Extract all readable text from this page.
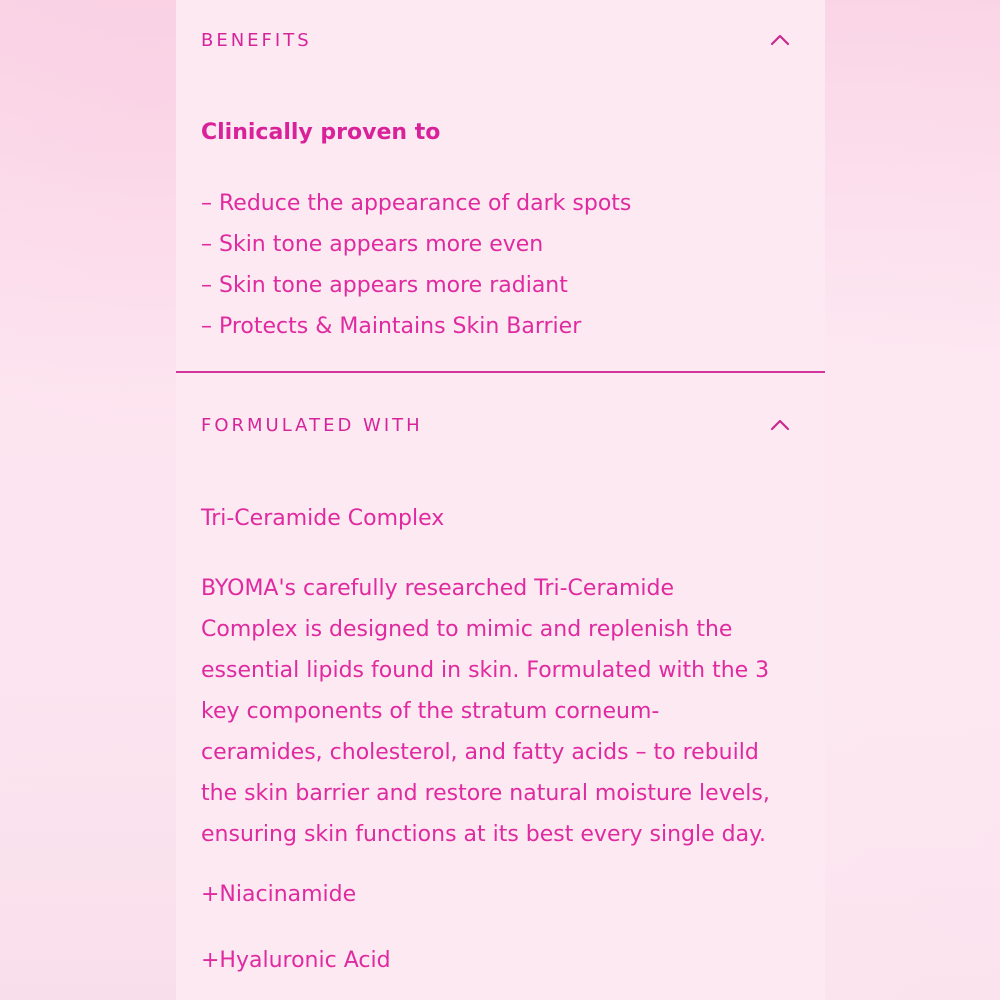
BENEFITS
Clinically proven to
– Reduce the appearance of dark spots
– Skin tone appears more even
– Skin tone appears more radiant
– Protects & Maintains Skin Barrier
FORMULATED WITH
Tri-Ceramide Complex
BYOMA's carefully researched Tri-Ceramide
Complex is designed to mimic and replenish the
essential lipids found in skin. Formulated with the 3
key components of the stratum corneum-
ceramides, cholesterol, and fatty acids – to rebuild
the skin barrier and restore natural moisture levels,
ensuring skin functions at its best every single day.
+Niacinamide
+Hyaluronic Acid
